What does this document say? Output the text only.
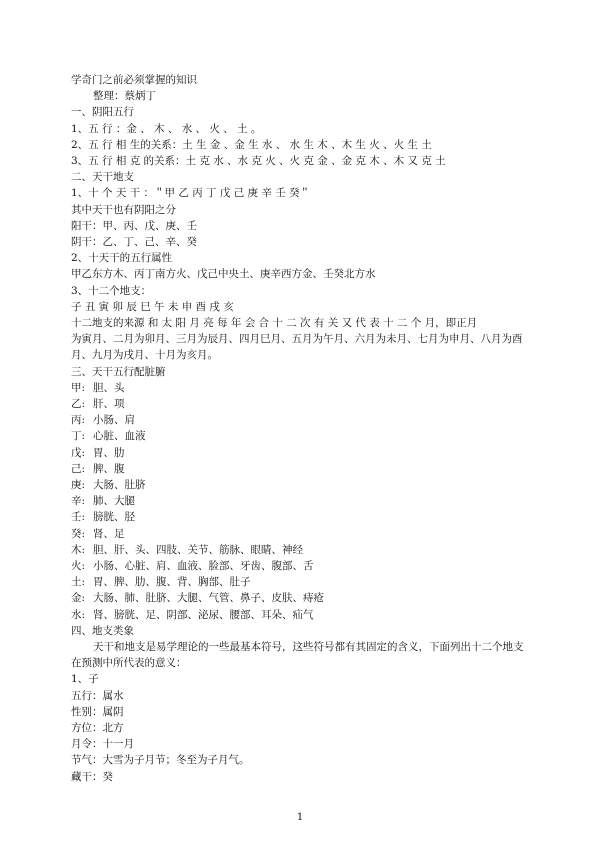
学奇门之前必须掌握的知识
整理：蔡炳丁
一、阴阳五行
1、五 行 ：金 、 木 、 水 、 火 、 土 。
2、五 行 相 生的关系：土 生 金 、金 生 水 、 水 生 木 、木 生 火 、火 生 土
3、五 行 相 克 的关系：土 克 水 、水 克 火 、火 克 金 、金 克 木 、木 又 克 土
二、天干地支
1、十 个 天 干 ：＂甲 乙 丙 丁 戊 己 庚 辛 壬 癸＂
其中天干也有阴阳之分
阳干：甲、丙、戊、庚、壬
阴干：乙、丁、己、辛、癸
2、十天干的五行属性
甲乙东方木、丙丁南方火、戊己中央土、庚辛西方金、壬癸北方水
3、十二个地支：
子 丑 寅 卯 辰 巳 午 未 申 酉 戌 亥
十二地支的来源 和 太 阳 月 亮 每 年 会 合 十 二 次 有 关 又 代 表 十 二 个 月，即正月
为寅月、二月为卯月、三月为辰月、四月巳月、五月为午月、六月为未月、七月为申月、八月为酉
月、九月为戌月、十月为亥月。
三、天干五行配脏腑
甲: 胆、头
乙: 肝、项
丙: 小肠、肩
丁: 心脏、血液
戊: 胃、肋
己: 脾、腹
庚: 大肠、肚脐
辛: 肺、大腿
壬: 膀胱、胫
癸: 肾、足
木: 胆、肝、头、四肢、关节、筋脉、眼睛、神经
火: 小肠、心脏、肩、血液、脸部、牙齿、腹部、舌
土: 胃、脾、肋、腹、背、胸部、肚子
金: 大肠、肺、肚脐、大腿、气管、鼻子、皮肤、痔疮
水: 肾、膀胱、足、阴部、泌尿、腰部、耳朵、疝气
四、地支类象
天干和地支是易学理论的一些最基本符号，这些符号都有其固定的含义，下面列出十二个地支
在预测中所代表的意义：
1、子
五行：属水
性别：属阴
方位：北方
月令：十一月
节气：大雪为子月节；冬至为子月气。
藏干：癸
1
